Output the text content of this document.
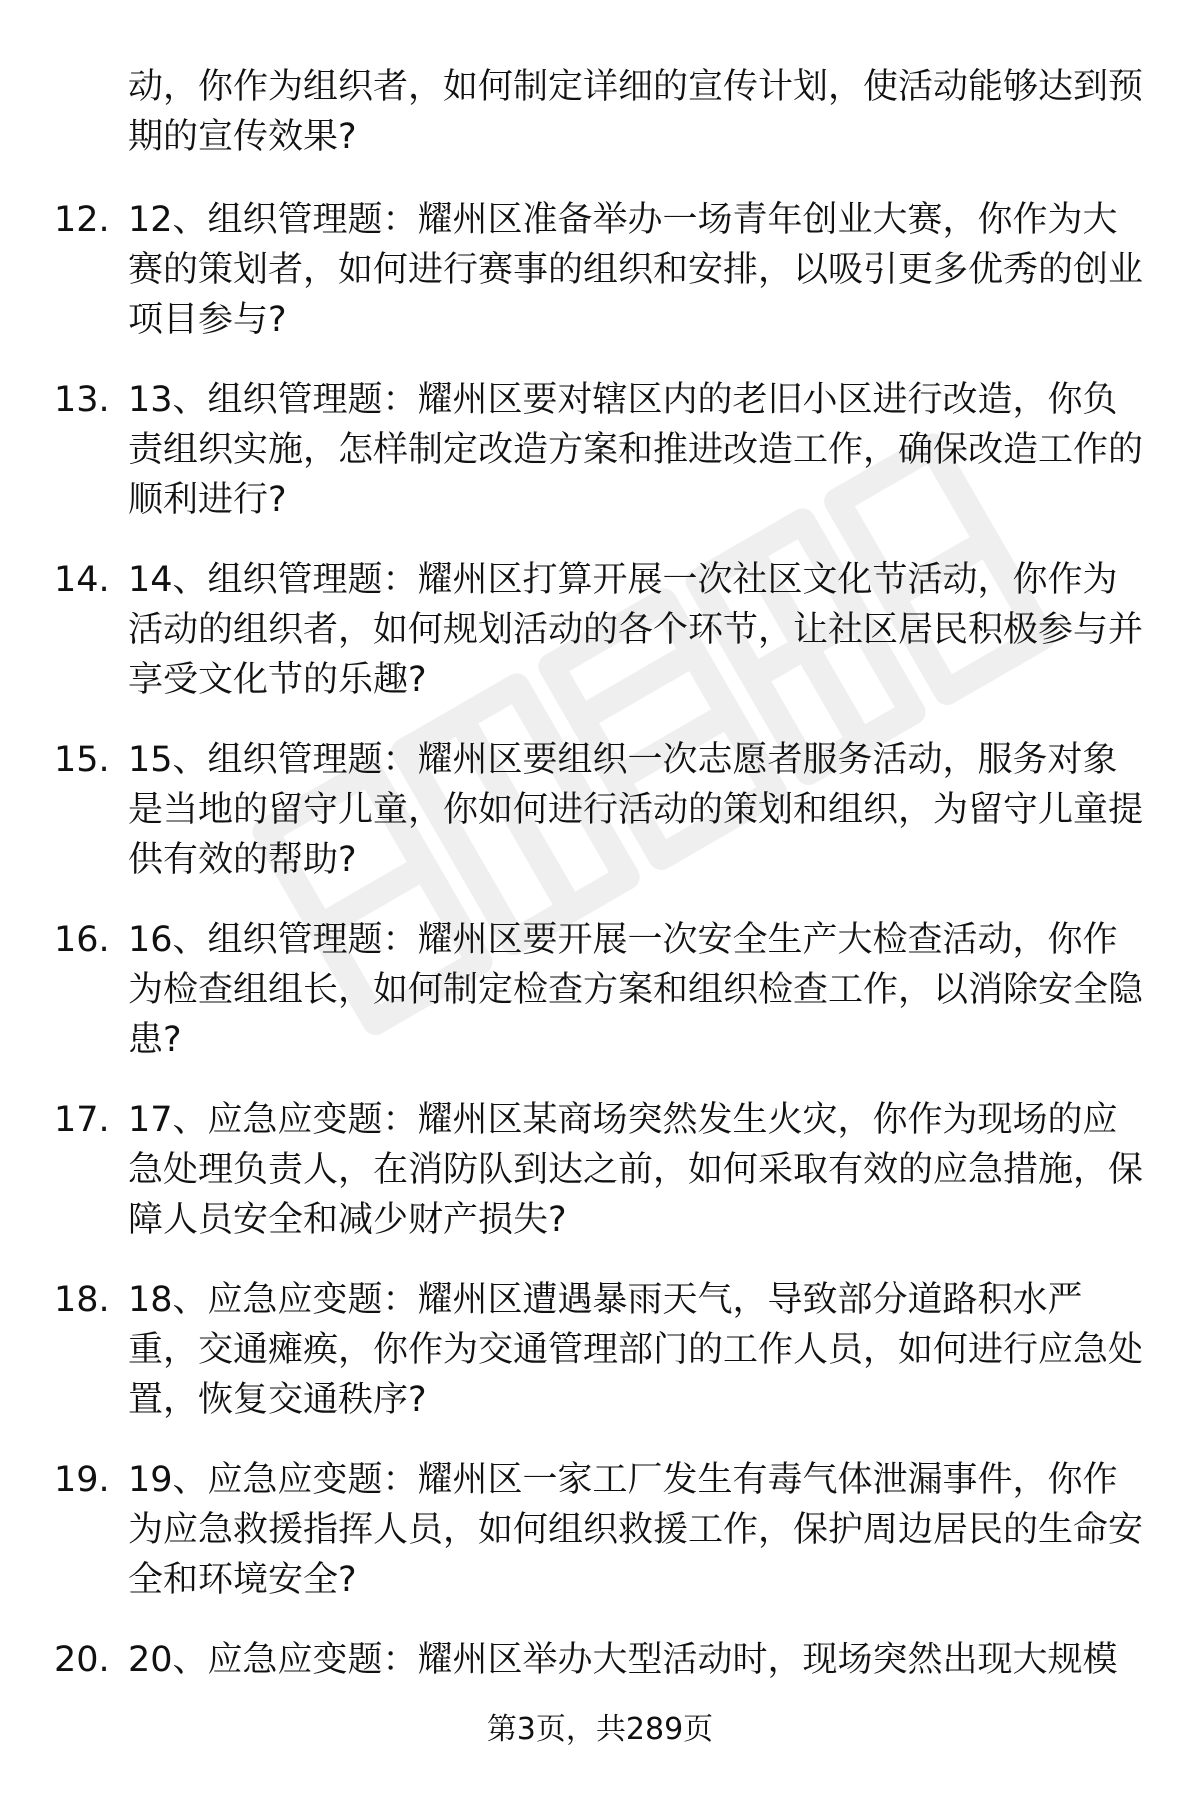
动，你作为组织者，如何制定详细的宣传计划，使活动能够达到预期的宣传效果?
12. 12、组织管理题：耀州区准备举办一场青年创业大赛，你作为大赛的策划者，如何进行赛事的组织和安排，以吸引更多优秀的创业项目参与?
13. 13、组织管理题：耀州区要对辖区内的老旧小区进行改造，你负责组织实施，怎样制定改造方案和推进改造工作，确保改造工作的顺利进行?
14. 14、组织管理题：耀州区打算开展一次社区文化节活动，你作为活动的组织者，如何规划活动的各个环节，让社区居民积极参与并享受文化节的乐趣?
15. 15、组织管理题：耀州区要组织一次志愿者服务活动，服务对象是当地的留守儿童，你如何进行活动的策划和组织，为留守儿童提供有效的帮助?
16. 16、组织管理题：耀州区要开展一次安全生产大检查活动，你作为检查组组长，如何制定检查方案和组织检查工作，以消除安全隐患?
17. 17、应急应变题：耀州区某商场突然发生火灾，你作为现场的应急处理负责人，在消防队到达之前，如何采取有效的应急措施，保障人员安全和减少财产损失?
18. 18、应急应变题：耀州区遭遇暴雨天气，导致部分道路积水严重，交通瘫痪，你作为交通管理部门的工作人员，如何进行应急处置，恢复交通秩序?
19. 19、应急应变题：耀州区一家工厂发生有毒气体泄漏事件，你作为应急救援指挥人员，如何组织救援工作，保护周边居民的生命安全和环境安全?
20. 20、应急应变题：耀州区举办大型活动时，现场突然出现大规模
第3页，共289页
